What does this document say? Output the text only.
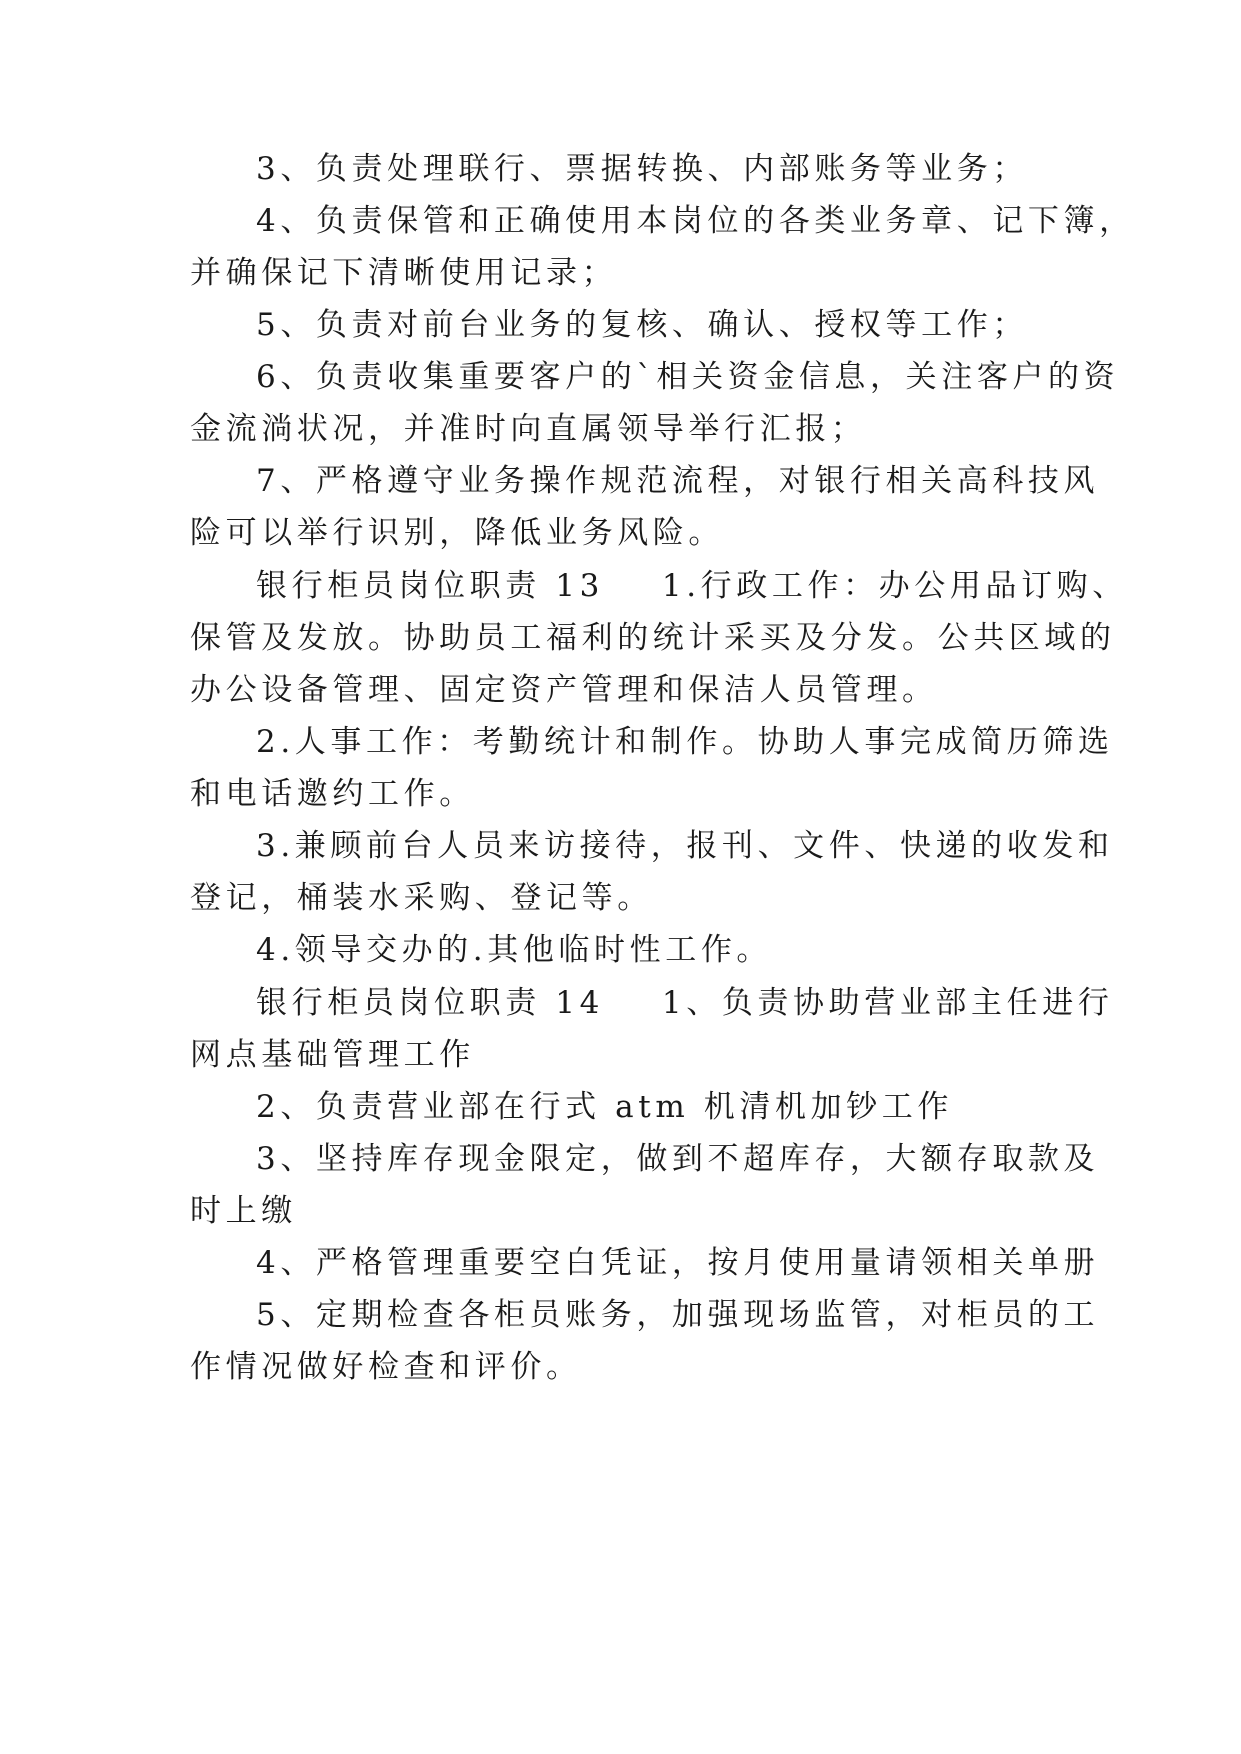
3、负责处理联行、票据转换、内部账务等业务；
4、负责保管和正确使用本岗位的各类业务章、记下簿，
并确保记下清晰使用记录；
5、负责对前台业务的复核、确认、授权等工作；
6、负责收集重要客户的`相关资金信息，关注客户的资
金流淌状况，并准时向直属领导举行汇报；
7、严格遵守业务操作规范流程，对银行相关高科技风
险可以举行识别，降低业务风险。
银行柜员岗位职责 13 1.行政工作：办公用品订购、
保管及发放。协助员工福利的统计采买及分发。公共区域的
办公设备管理、固定资产管理和保洁人员管理。
2.人事工作：考勤统计和制作。协助人事完成简历筛选
和电话邀约工作。
3.兼顾前台人员来访接待，报刊、文件、快递的收发和
登记，桶装水采购、登记等。
4.领导交办的.其他临时性工作。
银行柜员岗位职责 14 1、负责协助营业部主任进行
网点基础管理工作
2、负责营业部在行式 atm 机清机加钞工作
3、坚持库存现金限定，做到不超库存，大额存取款及
时上缴
4、严格管理重要空白凭证，按月使用量请领相关单册
5、定期检查各柜员账务，加强现场监管，对柜员的工
作情况做好检查和评价。
